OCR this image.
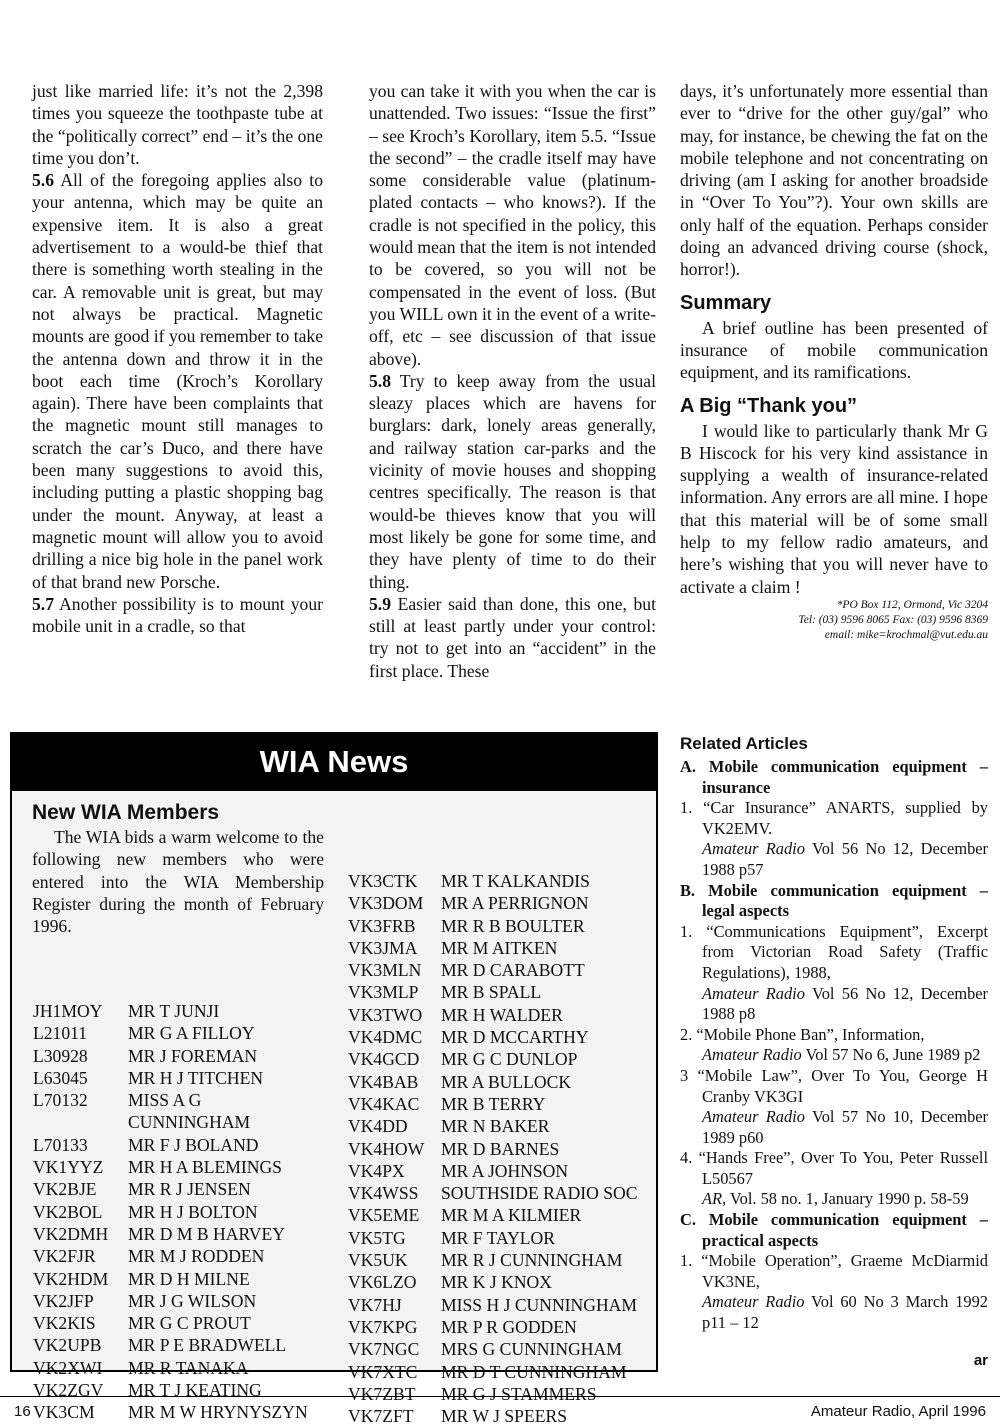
just like married life: it’s not the 2,398 times you squeeze the toothpaste tube at the “politically correct” end – it’s the one time you don’t.

5.6 All of the foregoing applies also to your antenna, which may be quite an expensive item. It is also a great advertisement to a would-be thief that there is something worth stealing in the car. A removable unit is great, but may not always be practical. Magnetic mounts are good if you remember to take the antenna down and throw it in the boot each time (Kroch’s Korollary again). There have been complaints that the magnetic mount still manages to scratch the car’s Duco, and there have been many suggestions to avoid this, including putting a plastic shopping bag under the mount. Anyway, at least a magnetic mount will allow you to avoid drilling a nice big hole in the panel work of that brand new Porsche.

5.7 Another possibility is to mount your mobile unit in a cradle, so that

you can take it with you when the car is unattended. Two issues: “Issue the first” – see Kroch’s Korollary, item 5.5. “Issue the second” – the cradle itself may have some considerable value (platinum-plated contacts – who knows?). If the cradle is not specified in the policy, this would mean that the item is not intended to be covered, so you will not be compensated in the event of loss. (But you WILL own it in the event of a write-off, etc – see discussion of that issue above).

5.8 Try to keep away from the usual sleazy places which are havens for burglars: dark, lonely areas generally, and railway station car-parks and the vicinity of movie houses and shopping centres specifically. The reason is that would-be thieves know that you will most likely be gone for some time, and they have plenty of time to do their thing.

5.9 Easier said than done, this one, but still at least partly under your control: try not to get into an “accident” in the first place. These

days, it’s unfortunately more essential than ever to “drive for the other guy/gal” who may, for instance, be chewing the fat on the mobile telephone and not concentrating on driving (am I asking for another broadside in “Over To You”?). Your own skills are only half of the equation. Perhaps consider doing an advanced driving course (shock, horror!).

Summary

A brief outline has been presented of insurance of mobile communication equipment, and its ramifications.

A Big “Thank you”

I would like to particularly thank Mr G B Hiscock for his very kind assistance in supplying a wealth of insurance-related information. Any errors are all mine. I hope that this material will be of some small help to my fellow radio amateurs, and here’s wishing that you will never have to activate a claim !

*PO Box 112, Ormond, Vic 3204
Tel: (03) 9596 8065 Fax: (03) 9596 8369
email: mike=krochmal@vut.edu.au
WIA News
New WIA Members

The WIA bids a warm welcome to the following new members who were entered into the WIA Membership Register during the month of February 1996.

JH1MOY MR T JUNJI
L21011 MR G A FILLOY
L30928 MR J FOREMAN
L63045 MR H J TITCHEN
L70132 MISS A G
CUNNINGHAM
L70133 MR F J BOLAND
VK1YYZ MR H A BLEMINGS
VK2BJE MR R J JENSEN
VK2BOL MR H J BOLTON
VK2DMH MR D M B HARVEY
VK2FJR MR M J RODDEN
VK2HDM MR D H MILNE
VK2JFP MR J G WILSON
VK2KIS MR G C PROUT
VK2UPB MR P E BRADWELL
VK2XWI MR R TANAKA
VK2ZGV MR T J KEATING
VK3CM MR M W HRYNYSZYN
VK3CTK MR T KALKANDIS
VK3DOM MR A PERRIGNON
VK3FRB MR R B BOULTER
VK3JMA MR M AITKEN
VK3MLN MR D CARABOTT
VK3MLP MR B SPALL
VK3TWO MR H WALDER
VK4DMC MR D MCCARTHY
VK4GCD MR G C DUNLOP
VK4BAB MR A BULLOCK
VK4KAC MR B TERRY
VK4DD MR N BAKER
VK4HOW MR D BARNES
VK4PX MR A JOHNSON
VK4WSS SOUTHSIDE RADIO SOC
VK5EME MR M A KILMIER
VK5TG MR F TAYLOR
VK5UK MR R J CUNNINGHAM
VK6LZO MR K J KNOX
VK7HJ MISS H J CUNNINGHAM
VK7KPG MR P R GODDEN
VK7NGC MRS G CUNNINGHAM
VK7XTC MR D T CUNNINGHAM
VK7ZBT MR G J STAMMERS
VK7ZFT MR W J SPEERS
Related Articles
A. Mobile communication equipment – insurance
1. “Car Insurance” ANARTS, supplied by VK2EMV.
Amateur Radio Vol 56 No 12, December 1988 p57
B. Mobile communication equipment – legal aspects
1. “Communications Equipment”, Excerpt from Victorian Road Safety (Traffic Regulations), 1988,
Amateur Radio Vol 56 No 12, December 1988 p8
2. “Mobile Phone Ban”, Information,
Amateur Radio Vol 57 No 6, June 1989 p2
3 “Mobile Law”, Over To You, George H Cranby VK3GI
Amateur Radio Vol 57 No 10, December 1989 p60
4. “Hands Free”, Over To You, Peter Russell L50567
AR, Vol. 58 no. 1, January 1990 p. 58-59
C. Mobile communication equipment – practical aspects
1. “Mobile Operation”, Graeme McDiarmid VK3NE,
Amateur Radio Vol 60 No 3 March 1992 p11 – 12
ar
16	Amateur Radio, April 1996
